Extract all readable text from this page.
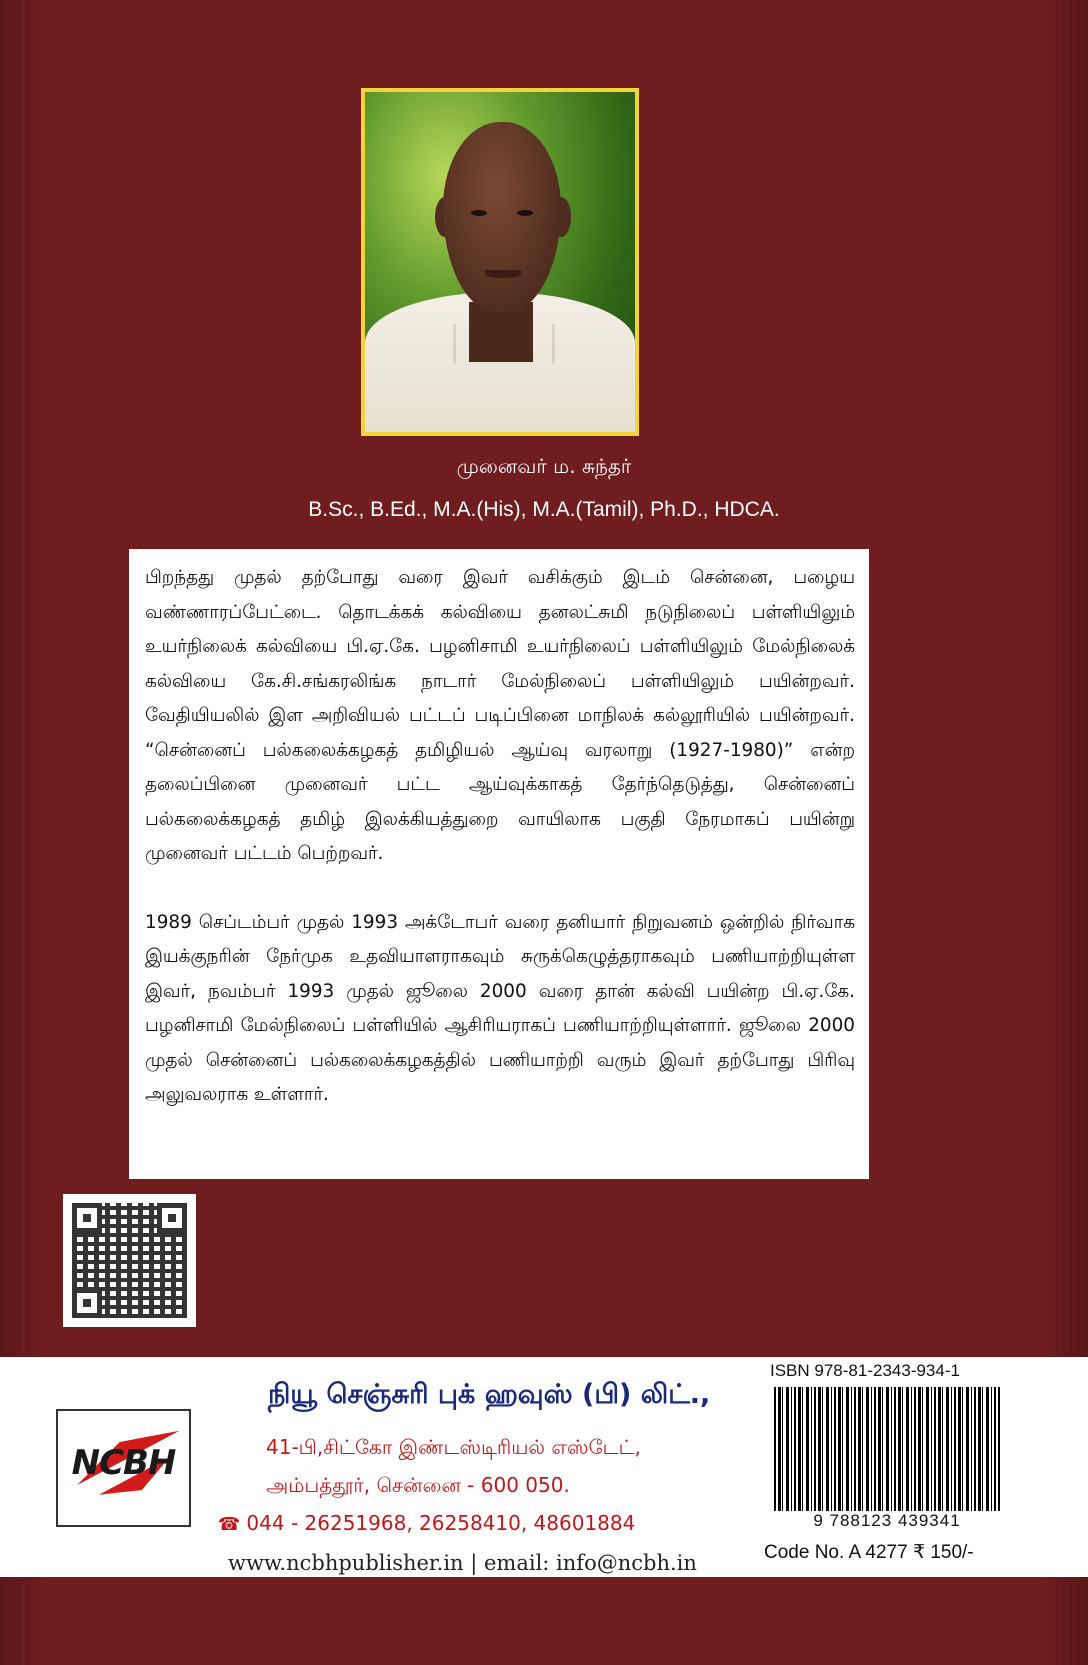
முனைவர் ம. சுந்தர்
B.Sc., B.Ed., M.A.(His), M.A.(Tamil), Ph.D., HDCA.

பிறந்தது முதல் தற்போது வரை இவர் வசிக்கும் இடம் சென்னை, பழைய வண்ணாரப்பேட்டை. தொடக்கக் கல்வியை தனலட்சுமி நடுநிலைப் பள்ளியிலும் உயர்நிலைக் கல்வியை பி.ஏ.கே. பழனிசாமி உயர்நிலைப் பள்ளியிலும் மேல்நிலைக் கல்வியை கே.சி.சங்கரலிங்க நாடார் மேல்நிலைப் பள்ளியிலும் பயின்றவர். வேதியியலில் இள அறிவியல் பட்டப் படிப்பினை மாநிலக் கல்லூரியில் பயின்றவர். “சென்னைப் பல்கலைக்கழகத் தமிழியல் ஆய்வு வரலாறு (1927-1980)” என்ற தலைப்பினை முனைவர் பட்ட ஆய்வுக்காகத் தேர்ந்தெடுத்து, சென்னைப் பல்கலைக்கழகத் தமிழ் இலக்கியத்துறை வாயிலாக பகுதி நேரமாகப் பயின்று முனைவர் பட்டம் பெற்றவர்.

1989 செப்டம்பர் முதல் 1993 அக்டோபர் வரை தனியார் நிறுவனம் ஒன்றில் நிர்வாக இயக்குநரின் நேர்முக உதவியாளராகவும் சுருக்கெழுத்தராகவும் பணியாற்றியுள்ள இவர், நவம்பர் 1993 முதல் ஜூலை 2000 வரை தான் கல்வி பயின்ற பி.ஏ.கே. பழனிசாமி மேல்நிலைப் பள்ளியில் ஆசிரியராகப் பணியாற்றியுள்ளார். ஜூலை 2000 முதல் சென்னைப் பல்கலைக்கழகத்தில் பணியாற்றி வரும் இவர் தற்போது பிரிவு அலுவலராக உள்ளார்.

NCBH
நியூ செஞ்சுரி புக் ஹவுஸ் (பி) லிட்.,
41-பி,சிட்கோ இண்டஸ்டிரியல் எஸ்டேட்,
அம்பத்தூர், சென்னை - 600 050.
☎ 044 - 26251968, 26258410, 48601884
www.ncbhpublisher.in | email: info@ncbh.in
ISBN 978-81-2343-934-1
9 788123 439341
Code No. A 4277 ₹ 150/-
